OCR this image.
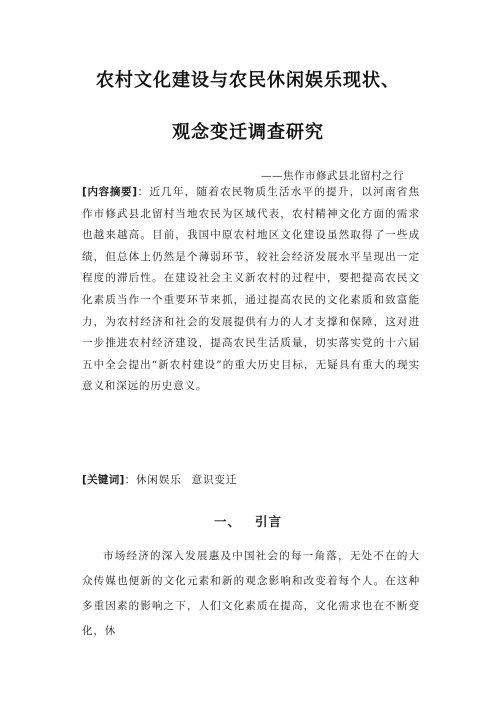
农村文化建设与农民休闲娱乐现状、
观念变迁调查研究
——焦作市修武县北留村之行
[内容摘要]：近几年，随着农民物质生活水平的提升，以河南省焦作市修武县北留村当地农民为区域代表，农村精神文化方面的需求也越来越高。目前，我国中原农村地区文化建设虽然取得了一些成绩，但总体上仍然是个薄弱环节，较社会经济发展水平呈现出一定程度的滞后性。在建设社会主义新农村的过程中，要把提高农民文化素质当作一个重要环节来抓，通过提高农民的文化素质和致富能力，为农村经济和社会的发展提供有力的人才支撑和保障，这对进一步推进农村经济建设，提高农民生活质量，切实落实党的十六届五中全会提出“新农村建设”的重大历史目标，无疑具有重大的现实意义和深远的历史意义。
[关键词]：休闲娱乐 意识变迁
一、 引言
市场经济的深入发展惠及中国社会的每一角落，无处不在的大众传媒也便新的文化元素和新的观念影响和改变着每个人。在这种多重因素的影响之下，人们文化素质在提高，文化需求也在不断变化，休
